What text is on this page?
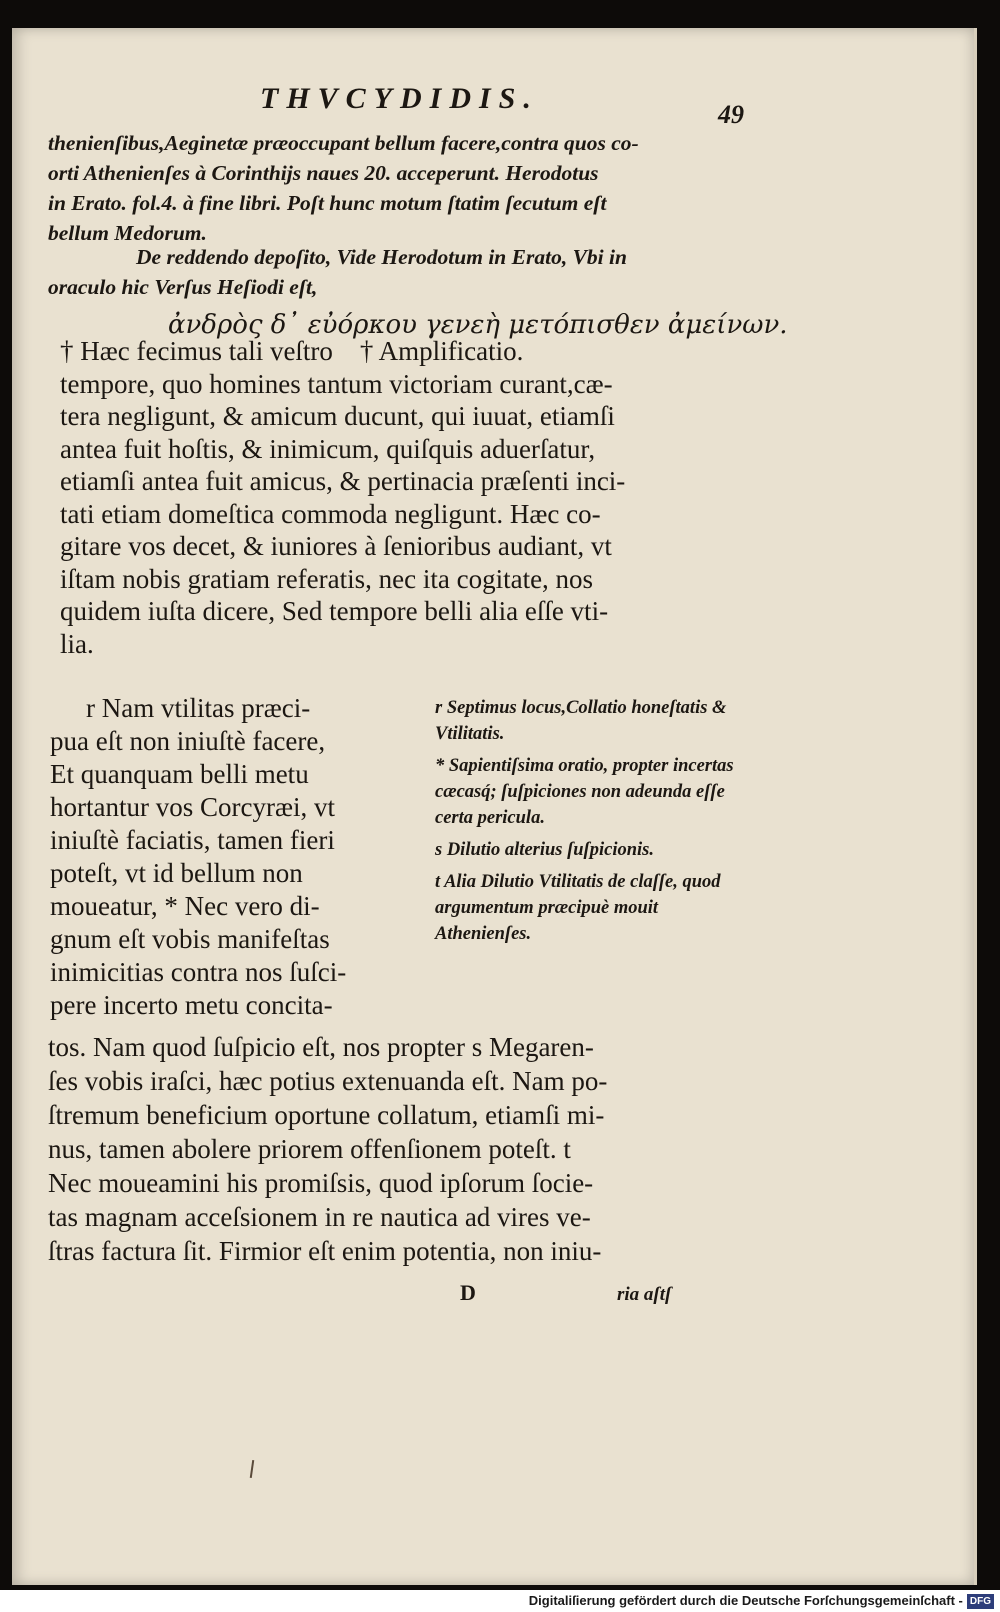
THVCYDIDIS.	49
thenienſibus,Aeginetæ præoccupant bellum facere,contra quos co-
orti Athenienſes à Corinthijs naues 20. acceperunt. Herodotus
in Erato. fol.4. à fine libri. Poſt hunc motum ſtatim ſecutum eſt
bellum Medorum.
De reddendo depoſito, Vide Herodotum in Erato, Vbi in
oraculo hic Verſus Heſiodi eſt,
ἀνδρὸς δ᾽ εὐόρκου γενεὴ μετόπισθεν ἀμείνων.
† Hæc fecimus tali veſtro    † Amplificatio.
tempore, quo homines tantum victoriam curant,cæ-
tera negligunt, & amicum ducunt, qui iuuat, etiamſi
antea fuit hoſtis, & inimicum, quiſquis aduerſatur,
etiamſi antea fuit amicus, & pertinacia præſenti inci-
tati etiam domeſtica commoda negligunt. Hæc co-
gitare vos decet, & iuniores à ſenioribus audiant, vt
iſtam nobis gratiam referatis, nec ita cogitate, nos
quidem iuſta dicere, Sed tempore belli alia eſſe vti-
lia.
r Nam vtilitas præci-
pua eſt non iniuſtè facere,
Et quanquam belli metu
hortantur vos Corcyræi, vt
iniuſtè faciatis, tamen fieri
poteſt, vt id bellum non
moueatur, * Nec vero di-
gnum eſt vobis manifeſtas
inimicitias contra nos ſuſci-
pere incerto metu concita-

r Septimus locus,Collatio honeſtatis & Vtilitatis.

* Sapientiſsima oratio, propter incertas cæcasq́; ſuſpiciones non adeunda eſſe certa pericula.

s Dilutio alterius ſuſpicionis.

t Alia Dilutio Vtilitatis de claſſe, quod argumentum præcipuè mouit Athenienſes.

tos. Nam quod ſuſpicio eſt, nos propter s Megaren-
ſes vobis iraſci, hæc potius extenuanda eſt. Nam po-
ſtremum beneficium oportune collatum, etiamſi mi-
nus, tamen abolere priorem offenſionem poteſt. t
Nec moueamini his promiſsis, quod ipſorum ſocie-
tas magnam acceſsionem in re nautica ad vires ve-
ſtras factura ſit. Firmior eſt enim potentia, non iniu-
D	ria aſtſ
Digitaliſierung gefördert durch die Deutsche Forſchungsgemeinſchaft - DFG
